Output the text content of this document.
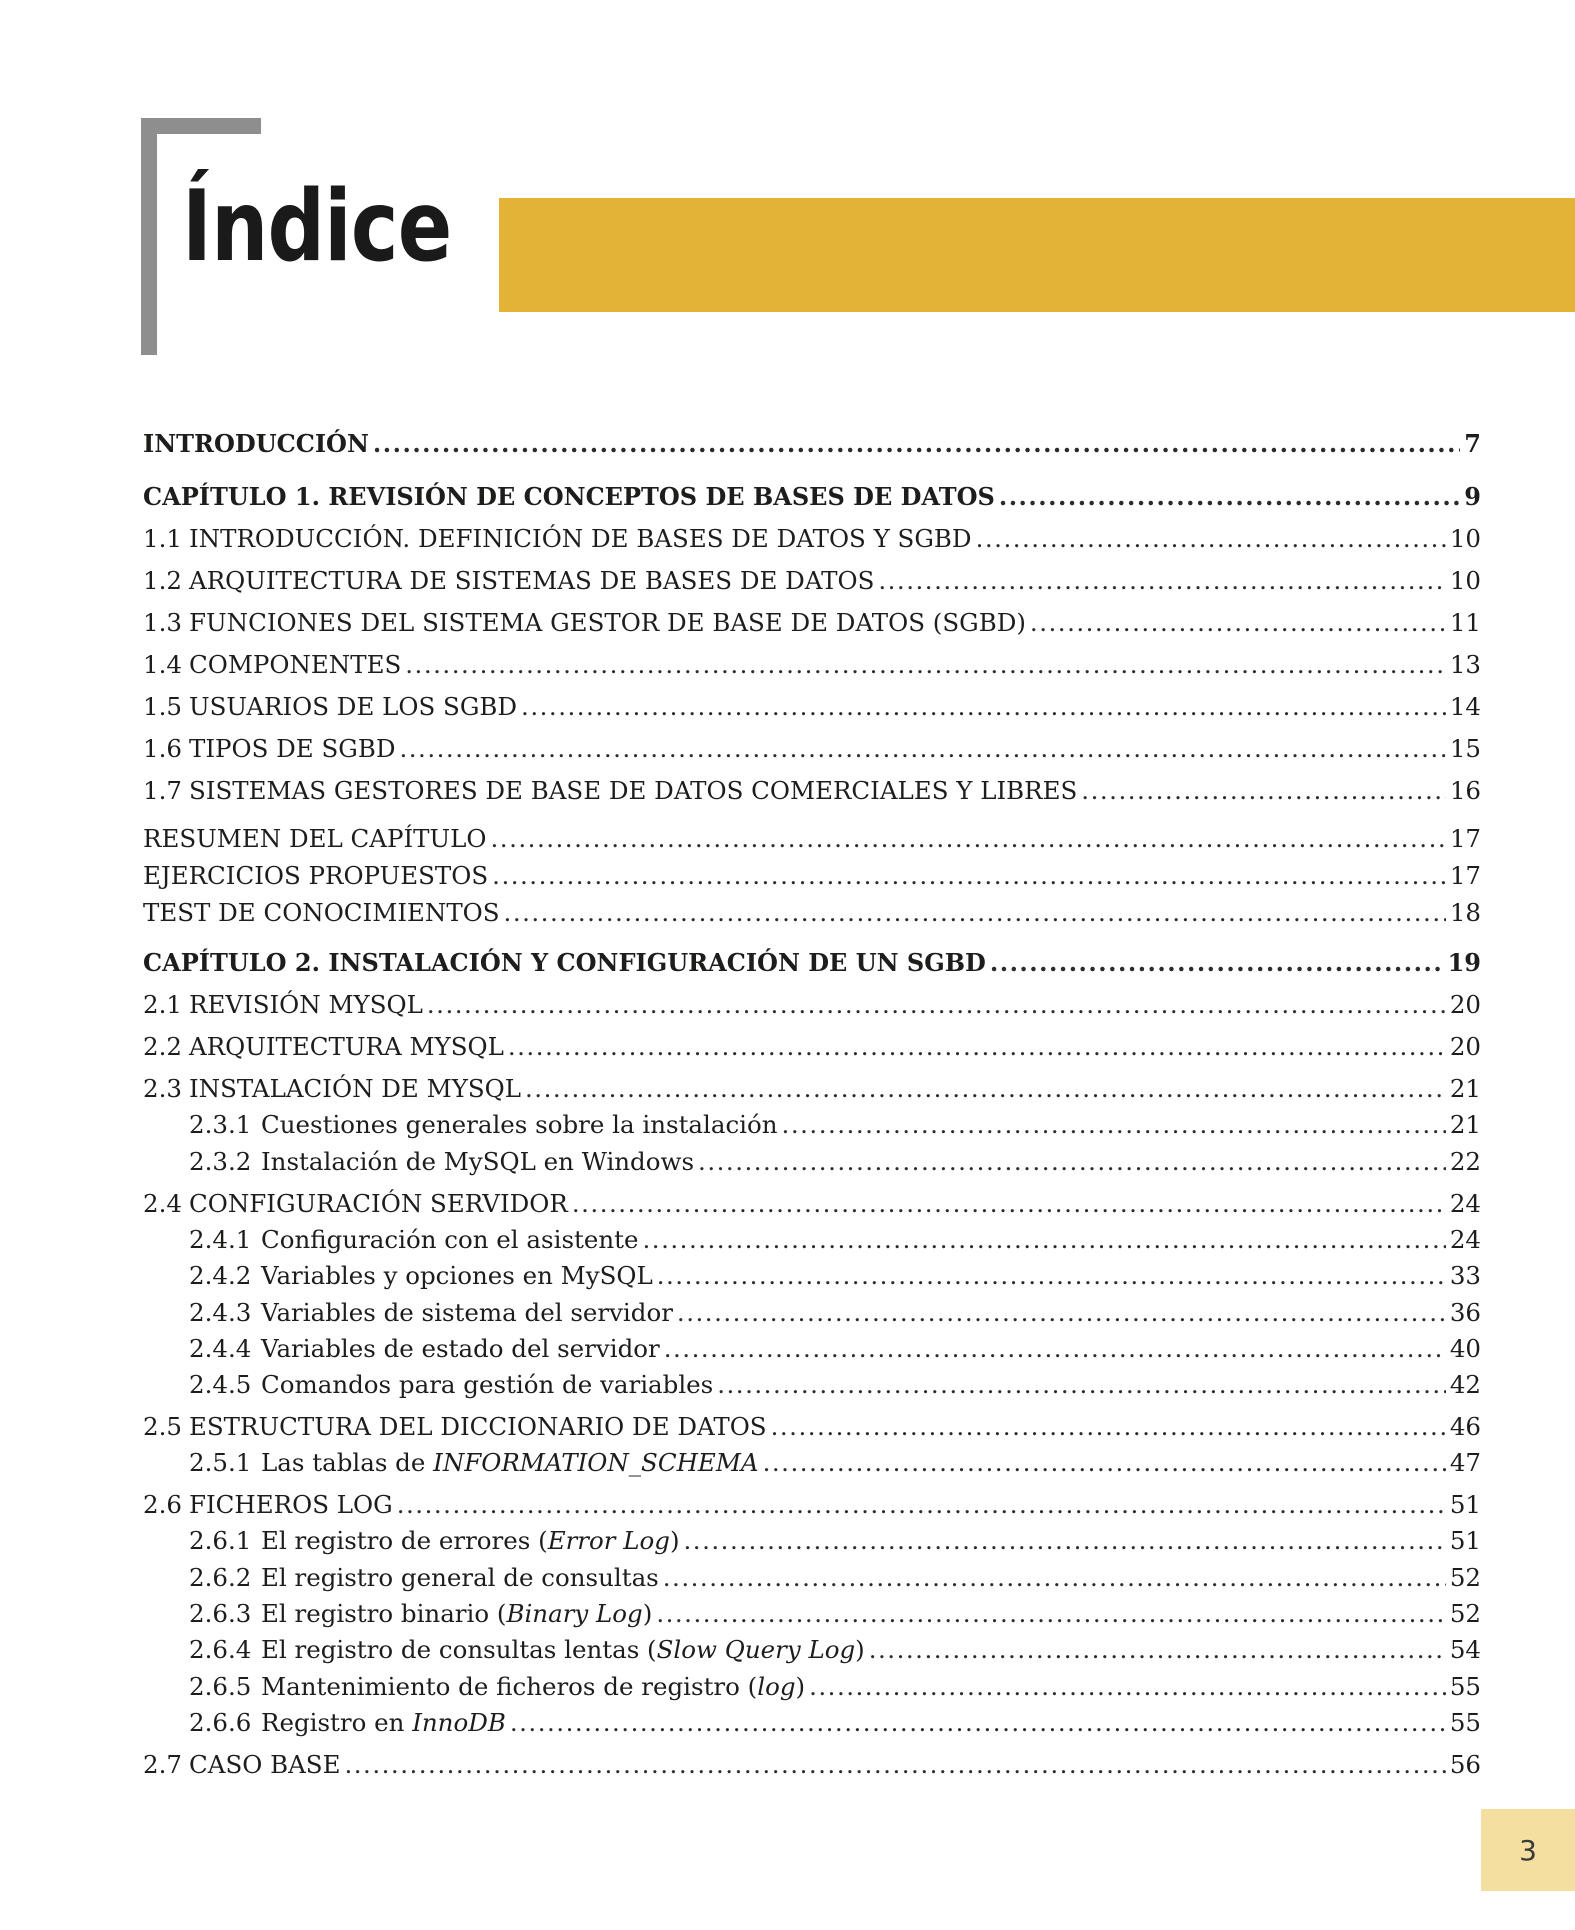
Índice
INTRODUCCIÓN .....	7
CAPÍTULO 1. REVISIÓN DE CONCEPTOS DE BASES DE DATOS .....	9
1.1 INTRODUCCIÓN. DEFINICIÓN DE BASES DE DATOS Y SGBD .....	10
1.2 ARQUITECTURA DE SISTEMAS DE BASES DE DATOS .....	10
1.3 FUNCIONES DEL SISTEMA GESTOR DE BASE DE DATOS (SGBD) .....	11
1.4 COMPONENTES .....	13
1.5 USUARIOS DE LOS SGBD .....	14
1.6 TIPOS DE SGBD .....	15
1.7 SISTEMAS GESTORES DE BASE DE DATOS COMERCIALES Y LIBRES .....	16
RESUMEN DEL CAPÍTULO .....	17
EJERCICIOS PROPUESTOS .....	17
TEST DE CONOCIMIENTOS .....	18
CAPÍTULO 2. INSTALACIÓN Y CONFIGURACIÓN DE UN SGBD .....	19
2.1 REVISIÓN MYSQL .....	20
2.2 ARQUITECTURA MYSQL .....	20
2.3 INSTALACIÓN DE MYSQL .....	21
2.3.1 Cuestiones generales sobre la instalación .....	21
2.3.2 Instalación de MySQL en Windows .....	22
2.4 CONFIGURACIÓN SERVIDOR .....	24
2.4.1 Configuración con el asistente .....	24
2.4.2 Variables y opciones en MySQL .....	33
2.4.3 Variables de sistema del servidor .....	36
2.4.4 Variables de estado del servidor .....	40
2.4.5 Comandos para gestión de variables .....	42
2.5 ESTRUCTURA DEL DICCIONARIO DE DATOS .....	46
2.5.1 Las tablas de INFORMATION_SCHEMA .....	47
2.6 FICHEROS LOG .....	51
2.6.1 El registro de errores (Error Log) .....	51
2.6.2 El registro general de consultas .....	52
2.6.3 El registro binario (Binary Log) .....	52
2.6.4 El registro de consultas lentas (Slow Query Log) .....	54
2.6.5 Mantenimiento de ficheros de registro (log) .....	55
2.6.6 Registro en InnoDB .....	55
2.7 CASO BASE .....	56
3
